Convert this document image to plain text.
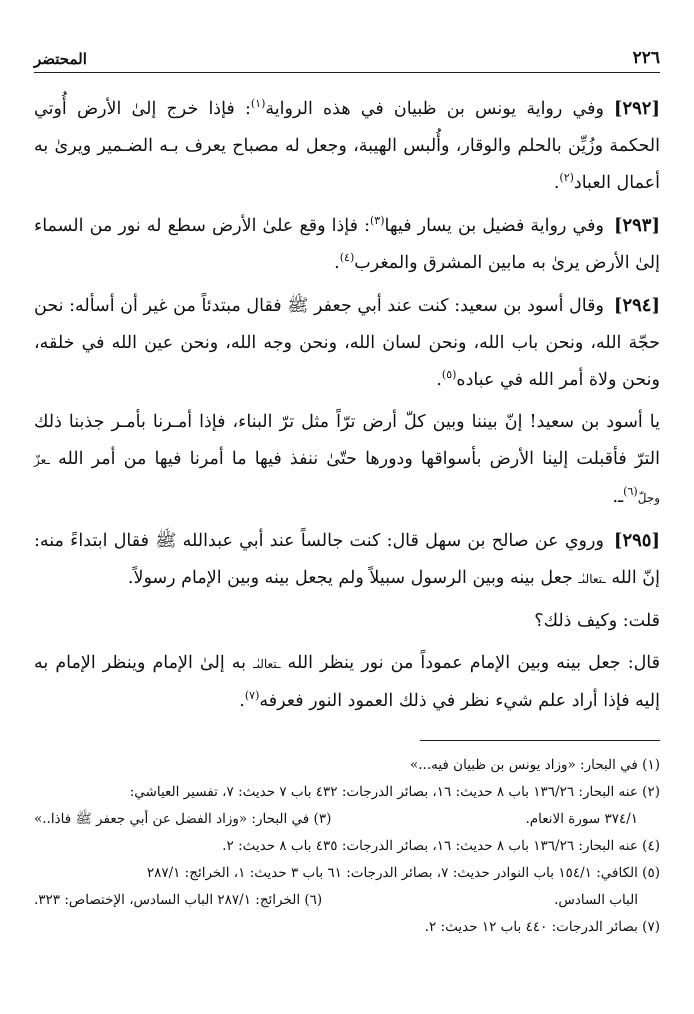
٢٢٦
المحتضر

[٢٩٢]وفي رواية يونس بن ظبيان في هذه الرواية$^{(١)}$: فإذا خرج إلىٰ الأرض أُوتي الحكمة وزُيِّن بالحلم والوقار، وأُلبس الهيبة، وجعل له مصباح يعرف بـه الضـمير ويرىٰ به أعمال العباد$^{(٢)}$.

[٢٩٣]وفي رواية فضيل بن يسار فيها$^{(٣)}$: فإذا وقع علىٰ الأرض سطع له نور من السماء إلىٰ الأرض يرىٰ به مابين المشرق والمغرب$^{(٤)}$.

[٢٩٤]وقال أسود بن سعيد: كنت عند أبي جعفر ﷺ فقال مبتدئاً من غير أن أسأله: نحن حجّة الله، ونحن باب الله، ونحن لسان الله، ونحن وجه الله، ونحن عين الله في خلقه، ونحن ولاة أمر الله في عباده$^{(٥)}$.

يا أسود بن سعيد! إنّ بيننا وبين كلّ أرض ترّاً مثل ترّ البناء، فإذا أمـرنا بأمـر جذبنا ذلك الترّ فأقبلت إلينا الأرض بأسواقها ودورها حتّىٰ ننفذ فيها ما أمرنا فيها من أمر الله ـعزّ وجلّ$^{(٦)}$ـ.

[٢٩٥]وروي عن صالح بن سهل قال: كنت جالساً عند أبي عبدالله ﷺ فقال ابتداءً منه: إنّ الله ـتعالىٰـ جعل بينه وبين الرسول سبيلاً ولم يجعل بينه وبين الإمام رسولاً.

قلت: وكيف ذلك؟

قال: جعل بينه وبين الإمام عموداً من نور ينظر الله ـتعالىٰـ به إلىٰ الإمام وينظر الإمام به إليه فإذا أراد علم شيء نظر في ذلك العمود النور فعرفه$^{(٧)}$.

(١) في البحار: «وزاد يونس بن ظبيان فيه...»
(٢) عنه البحار: ١٣٦/٢٦ باب ٨ حديث: ١٦، بصائر الدرجات: ٤٣٢ باب ٧ حديث: ٧، تفسير العياشي:
٣٧٤/١ سورة الانعام.
(٣) في البحار: «وزاد الفضل عن أبي جعفر ﷺ فاذا..»
(٤) عنه البحار: ١٣٦/٢٦ باب ٨ حديث: ١٦، بصائر الدرجات: ٤٣٥ باب ٨ حديث: ٢.
(٥) الكافي: ١٥٤/١ باب النوادر حديث: ٧، بصائر الدرجات: ٦١ باب ٣ حديث: ١، الخرائج: ٢٨٧/١
الباب السادس.
(٦) الخرائج: ٢٨٧/١ الباب السادس، الإختصاص: ٣٢٣.
(٧) بصائر الدرجات: ٤٤٠ باب ١٢ حديث: ٢.
